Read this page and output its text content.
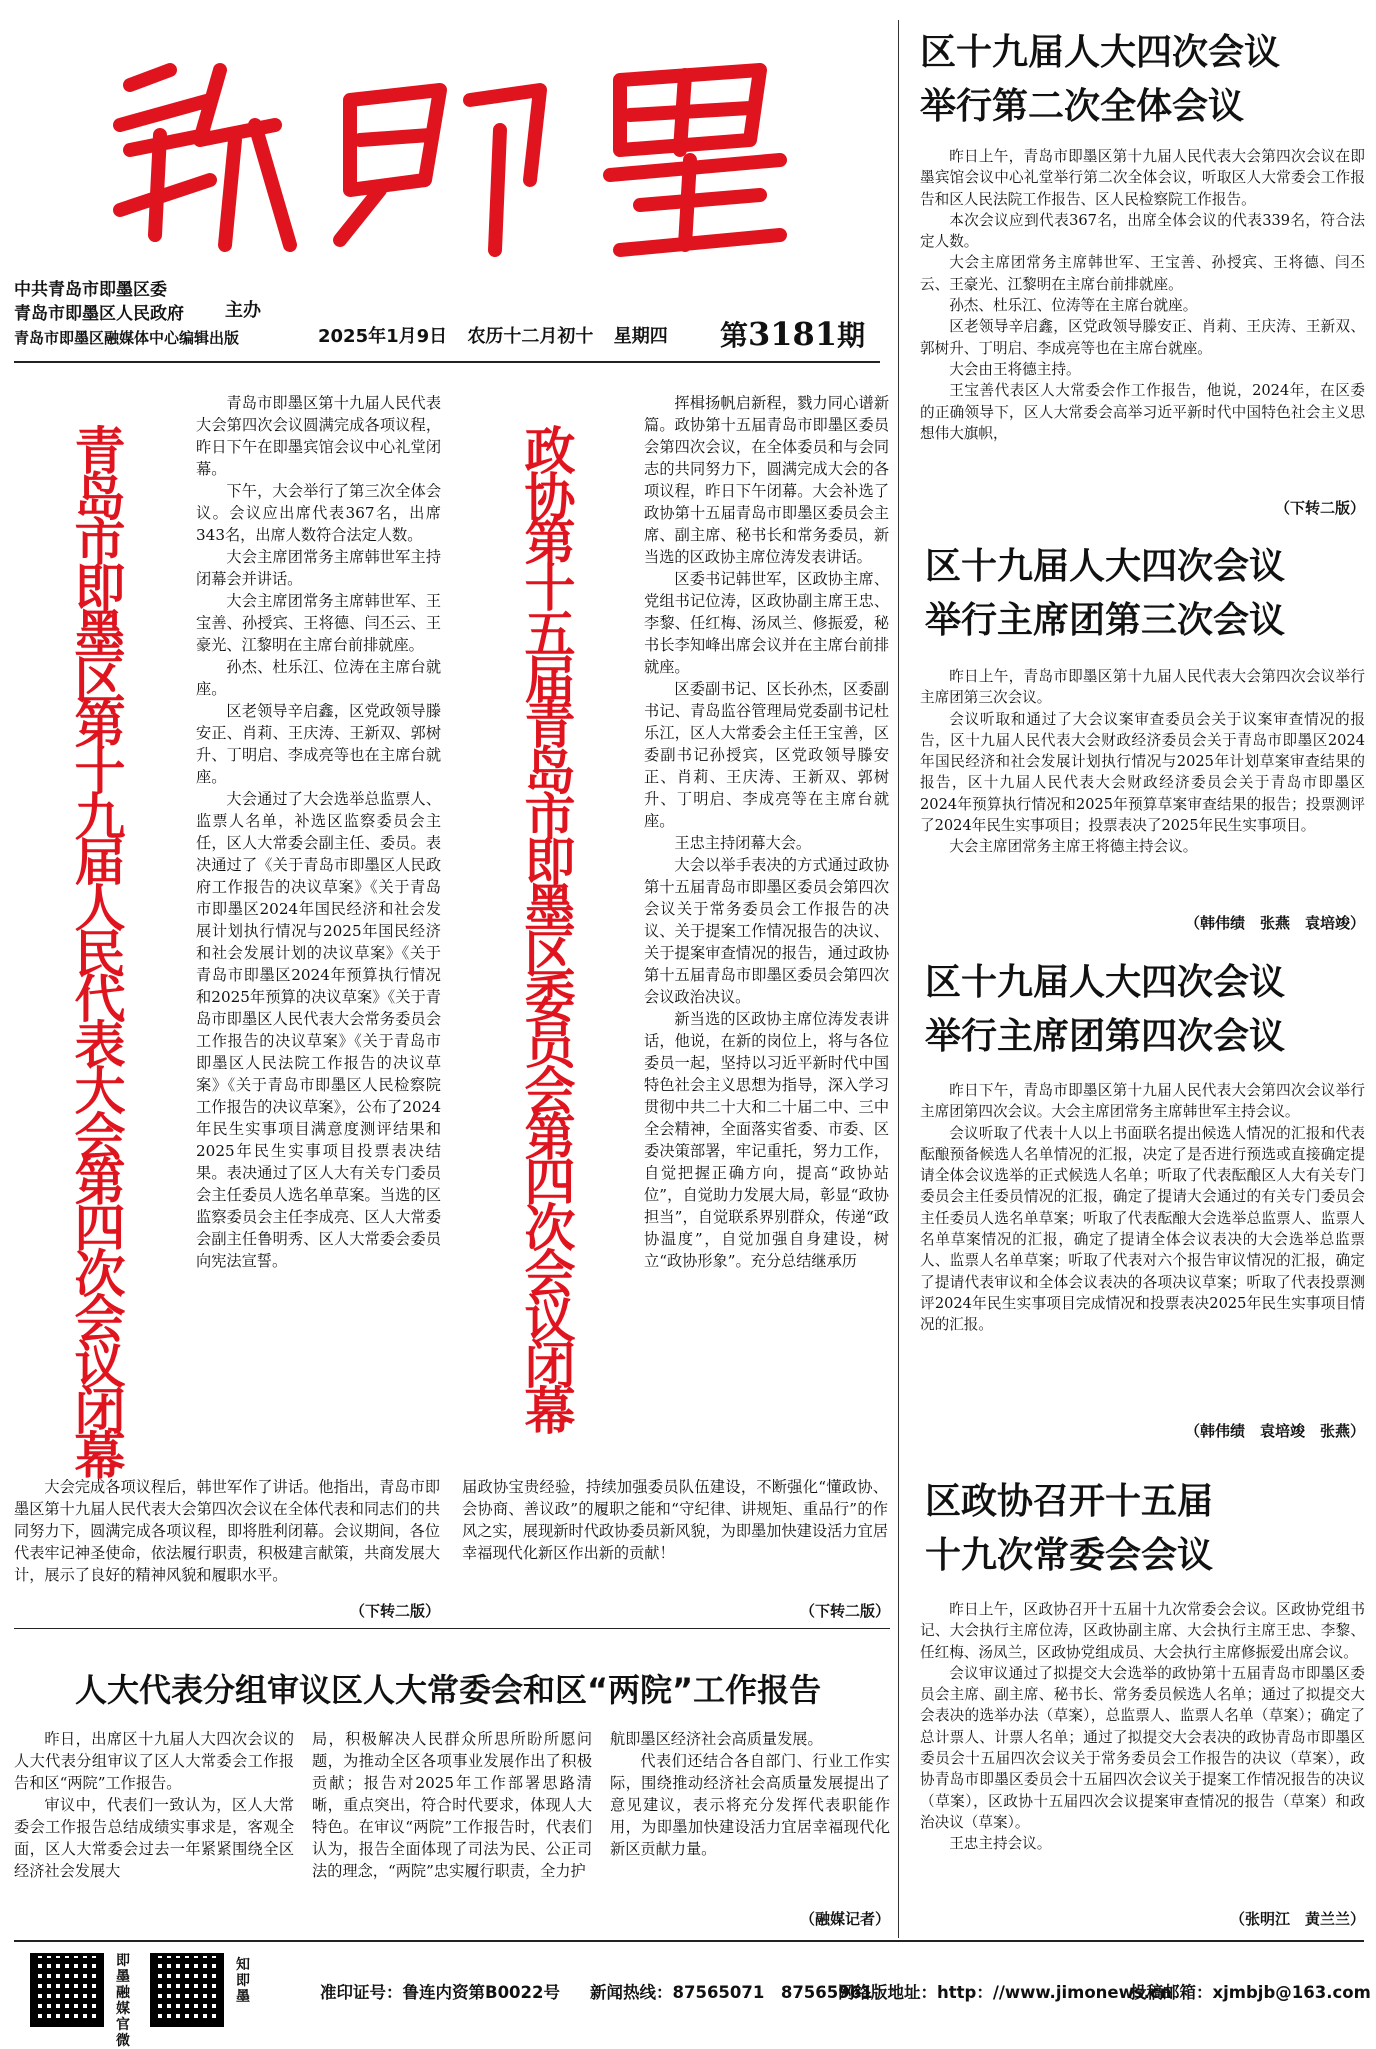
中共青岛市即墨区委
青岛市即墨区人民政府
青岛市即墨区融媒体中心编辑出版
主办
2025年1月9日 农历十二月初十 星期四	第3181期
青岛市即墨区第十九届人民代表大会第四次会议闭幕

青岛市即墨区第十九届人民代表大会第四次会议圆满完成各项议程，昨日下午在即墨宾馆会议中心礼堂闭幕。

下午，大会举行了第三次全体会议。会议应出席代表367名，出席343名，出席人数符合法定人数。

大会主席团常务主席韩世军主持闭幕会并讲话。

大会主席团常务主席韩世军、王宝善、孙授宾、王将德、闫丕云、王豪光、江黎明在主席台前排就座。

孙杰、杜乐江、位涛在主席台就座。

区老领导辛启鑫，区党政领导滕安正、肖莉、王庆涛、王新双、郭树升、丁明启、李成亮等也在主席台就座。

大会通过了大会选举总监票人、监票人名单，补选区监察委员会主任，区人大常委会副主任、委员。表决通过了《关于青岛市即墨区人民政府工作报告的决议草案》《关于青岛市即墨区2024年国民经济和社会发展计划执行情况与2025年国民经济和社会发展计划的决议草案》《关于青岛市即墨区2024年预算执行情况和2025年预算的决议草案》《关于青岛市即墨区人民代表大会常务委员会工作报告的决议草案》《关于青岛市即墨区人民法院工作报告的决议草案》《关于青岛市即墨区人民检察院工作报告的决议草案》，公布了2024年民生实事项目满意度测评结果和2025年民生实事项目投票表决结果。表决通过了区人大有关专门委员会主任委员人选名单草案。当选的区监察委员会主任李成亮、区人大常委会副主任鲁明秀、区人大常委会委员向宪法宣誓。

大会完成各项议程后，韩世军作了讲话。他指出，青岛市即墨区第十九届人民代表大会第四次会议在全体代表和同志们的共同努力下，圆满完成各项议程，即将胜利闭幕。会议期间，各位代表牢记神圣使命，依法履行职责，积极建言献策，共商发展大计，展示了良好的精神风貌和履职水平。

（下转二版）
政协第十五届青岛市即墨区委员会第四次会议闭幕

挥楫扬帆启新程，戮力同心谱新篇。政协第十五届青岛市即墨区委员会第四次会议，在全体委员和与会同志的共同努力下，圆满完成大会的各项议程，昨日下午闭幕。大会补选了政协第十五届青岛市即墨区委员会主席、副主席、秘书长和常务委员，新当选的区政协主席位涛发表讲话。

区委书记韩世军，区政协主席、党组书记位涛，区政协副主席王忠、李黎、任红梅、汤凤兰、修振爱，秘书长李知峰出席会议并在主席台前排就座。

区委副书记、区长孙杰，区委副书记、青岛监谷管理局党委副书记杜乐江，区人大常委会主任王宝善，区委副书记孙授宾，区党政领导滕安正、肖莉、王庆涛、王新双、郭树升、丁明启、李成亮等在主席台就座。

王忠主持闭幕大会。

大会以举手表决的方式通过政协第十五届青岛市即墨区委员会第四次会议关于常务委员会工作报告的决议、关于提案工作情况报告的决议、关于提案审查情况的报告，通过政协第十五届青岛市即墨区委员会第四次会议政治决议。

新当选的区政协主席位涛发表讲话，他说，在新的岗位上，将与各位委员一起，坚持以习近平新时代中国特色社会主义思想为指导，深入学习贯彻中共二十大和二十届二中、三中全会精神，全面落实省委、市委、区委决策部署，牢记重托，努力工作，自觉把握正确方向，提高“政协站位”，自觉助力发展大局，彰显“政协担当”，自觉联系界别群众，传递“政协温度”，自觉加强自身建设，树立“政协形象”。充分总结继承历

届政协宝贵经验，持续加强委员队伍建设，不断强化“懂政协、会协商、善议政”的履职之能和“守纪律、讲规矩、重品行”的作风之实，展现新时代政协委员新风貌，为即墨加快建设活力宜居幸福现代化新区作出新的贡献！

（下转二版）
人大代表分组审议区人大常委会和区“两院”工作报告

昨日，出席区十九届人大四次会议的人大代表分组审议了区人大常委会工作报告和区“两院”工作报告。

审议中，代表们一致认为，区人大常委会工作报告总结成绩实事求是，客观全面，区人大常委会过去一年紧紧围绕全区经济社会发展大

局，积极解决人民群众所思所盼所愿问题，为推动全区各项事业发展作出了积极贡献；报告对2025年工作部署思路清晰，重点突出，符合时代要求，体现人大特色。在审议“两院”工作报告时，代表们认为，报告全面体现了司法为民、公正司法的理念，“两院”忠实履行职责，全力护

航即墨区经济社会高质量发展。

代表们还结合各自部门、行业工作实际，围绕推动经济社会高质量发展提出了意见建议，表示将充分发挥代表职能作用，为即墨加快建设活力宜居幸福现代化新区贡献力量。

（融媒记者）
区十九届人大四次会议
举行第二次全体会议

昨日上午，青岛市即墨区第十九届人民代表大会第四次会议在即墨宾馆会议中心礼堂举行第二次全体会议，听取区人大常委会工作报告和区人民法院工作报告、区人民检察院工作报告。

本次会议应到代表367名，出席全体会议的代表339名，符合法定人数。

大会主席团常务主席韩世军、王宝善、孙授宾、王将德、闫丕云、王豪光、江黎明在主席台前排就座。

孙杰、杜乐江、位涛等在主席台就座。

区老领导辛启鑫，区党政领导滕安正、肖莉、王庆涛、王新双、郭树升、丁明启、李成亮等也在主席台就座。

大会由王将德主持。

王宝善代表区人大常委会作工作报告，他说，2024年，在区委的正确领导下，区人大常委会高举习近平新时代中国特色社会主义思想伟大旗帜，

（下转二版）
区十九届人大四次会议
举行主席团第三次会议

昨日上午，青岛市即墨区第十九届人民代表大会第四次会议举行主席团第三次会议。

会议听取和通过了大会议案审查委员会关于议案审查情况的报告，区十九届人民代表大会财政经济委员会关于青岛市即墨区2024年国民经济和社会发展计划执行情况与2025年计划草案审查结果的报告，区十九届人民代表大会财政经济委员会关于青岛市即墨区2024年预算执行情况和2025年预算草案审查结果的报告；投票测评了2024年民生实事项目；投票表决了2025年民生实事项目。

大会主席团常务主席王将德主持会议。

（韩伟绩　张燕　袁培竣）
区十九届人大四次会议
举行主席团第四次会议

昨日下午，青岛市即墨区第十九届人民代表大会第四次会议举行主席团第四次会议。大会主席团常务主席韩世军主持会议。

会议听取了代表十人以上书面联名提出候选人情况的汇报和代表酝酿预备候选人名单情况的汇报，决定了是否进行预选或直接确定提请全体会议选举的正式候选人名单；听取了代表酝酿区人大有关专门委员会主任委员情况的汇报，确定了提请大会通过的有关专门委员会主任委员人选名单草案；听取了代表酝酿大会选举总监票人、监票人名单草案情况的汇报，确定了提请全体会议表决的大会选举总监票人、监票人名单草案；听取了代表对六个报告审议情况的汇报，确定了提请代表审议和全体会议表决的各项决议草案；听取了代表投票测评2024年民生实事项目完成情况和投票表决2025年民生实事项目情况的汇报。

（韩伟绩　袁培竣　张燕）
区政协召开十五届
十九次常委会会议

昨日上午，区政协召开十五届十九次常委会会议。区政协党组书记、大会执行主席位涛，区政协副主席、大会执行主席王忠、李黎、任红梅、汤凤兰，区政协党组成员、大会执行主席修振爱出席会议。

会议审议通过了拟提交大会选举的政协第十五届青岛市即墨区委员会主席、副主席、秘书长、常务委员候选人名单；通过了拟提交大会表决的选举办法（草案），总监票人、监票人名单（草案）；确定了总计票人、计票人名单；通过了拟提交大会表决的政协青岛市即墨区委员会十五届四次会议关于常务委员会工作报告的决议（草案），政协青岛市即墨区委员会十五届四次会议关于提案工作情况报告的决议（草案），区政协十五届四次会议提案审查情况的报告（草案）和政治决议（草案）。

王忠主持会议。

（张明江　黄兰兰）
即墨融媒官微
知即墨	准印证号：鲁连内资第B0022号 新闻热线：87565071　87565961
网络版地址：http：//www.jimonews.cn
投稿邮箱：xjmbjb@163.com
